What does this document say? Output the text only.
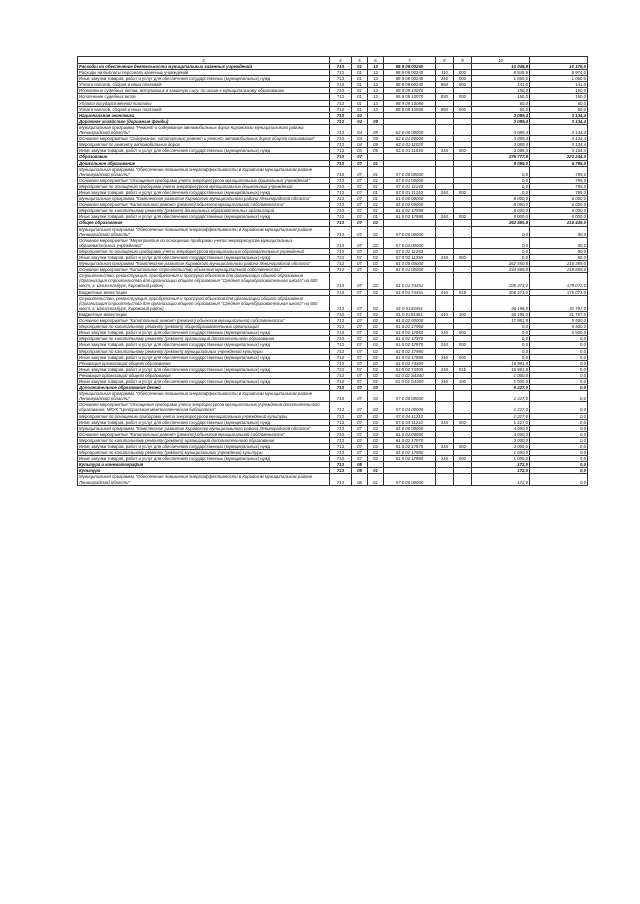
2	4	5	6	7	8	9	10	
Расходы на обеспечение деятельности муниципальных казенных учреждений	713	01	13	98 9 09 00240			10 048,8	10 175,0
Расходы на выплаты персоналу казенных учреждений	713	01	13	98 9 09 00240	110	000	8 845,9	8 974,0
Иные закупки товаров, работ и услуг для обеспечения государственных (муниципальных) нужд	713	01	13	98 9 09 00240	240	000	1 060,0	1 060,0
Уплата налогов, сборов и иных платежей	713	01	13	98 9 09 00240	850	000	141,0	141,0
Исполнение судебных актов, вступивших в законную силу, по искам к муниципальному образованию	713	01	13	98 9 09 10070			150,0	150,0
Исполнение судебных актов	713	01	13	98 9 09 10070	830	000	150,0	150,0
Уплата государственной пошлины	713	01	13	98 9 09 10080			60,0	60,0
Уплата налогов, сборов и иных платежей	713	01	13	98 9 09 10080	850	000	60,0	60,0
Национальная экономика	713	04					3 089,4	3 134,4
Дорожное хозяйство (дорожные фонды)	713	04	09				3 089,4	3 134,4
Муниципальная программа "Ремонт и содержание автомобильных дорог Кировского муниципального района Ленинградской области"	713	04	09	62 0 00 00000			3 089,4	3 134,4
Основное мероприятие "Содержание, капитальный ремонт и ремонт автомобильных дорог общего пользования"	713	04	09	62 0 01 00000			3 089,4	3 134,4
Мероприятия по ремонту автомобильных дорог	713	04	09	62 0 01 11020			3 089,4	3 134,4
Иные закупки товаров, работ и услуг для обеспечения государственных (муниципальных) нужд	713	04	09	62 0 01 11020	240	000	3 089,4	3 134,4
Образование	713	07					275 777,8	223 244,0
Дошкольное образование	713	07	01				8 099,0	6 795,0
Муниципальная программа "Обеспечение повышения энергоэффективности в Кировском муниципальном районе Ленинградской области"	713	07	01	57 0 00 00000			0,0	795,0
Основное мероприятие "Оснащение приборами учета энергоресурсов муниципальных дошкольных учреждений"	713	07	01	57 0 01 00000			0,0	795,0
Мероприятия по оснащению приборами учета энергоресурсов муниципальных дошкольных учреждений	713	07	01	57 0 01 11240			0,0	795,0
Иные закупки товаров, работ и услуг для обеспечения государственных (муниципальных) нужд	713	07	01	57 0 01 11240	240	000	0,0	795,0
Муниципальная программа "Комплексное развитие Кировского муниципального района Ленинградской области"	713	07	01	61 0 00 00000			8 000,0	6 000,0
Основное мероприятие "Капитальный ремонт (ремонт) объектов муниципальной собственности"	713	07	01	61 0 02 00000			8 000,0	6 000,0
Мероприятия по капитальному ремонту (ремонт) дошкольных образовательных организаций	713	07	01	61 0 02 17990			8 000,0	6 000,0
Иные закупки товаров, работ и услуг для обеспечения государственных (муниципальных) нужд	713	07	01	61 0 02 17990	240	000	8 000,0	6 000,0
Общее образование	713	07	02				262 550,8	216 449,0
Муниципальная программа "Обеспечение повышения энергоэффективности в Кировском муниципальном районе Ленинградской области"	713	07	02	57 0 00 00000			0,0	90,0
Основное мероприятие "Мероприятия по оснащению приборами учета энергоресурсов муниципальных образовательных учреждений"	713	07	02	57 0 02 00000			0,0	90,0
Мероприятия по оснащению приборами учета энергоресурсов муниципальных образовательных учреждений	713	07	02	57 0 02 11250			0,0	90,0
Иные закупки товаров, работ и услуг для обеспечения государственных (муниципальных) нужд	713	07	02	57 0 02 11250	240	000	0,0	90,0
Муниципальная программа "Комплексное развитие Кировского муниципального района Ленинградской области"	713	07	02	61 0 00 00000			262 550,8	216 359,0
Основное мероприятие "Капитальное строительство объектов муниципальной собственности"	713	07	02	61 0 01 00000			244 569,0	210 859,0
Строительство, реконструкция, приобретение и пристрой объектов для организации общего образования (Организация строительства для организации общего образования "Средняя общеобразовательная школа" на 600 мест, г. Шлиссельбург, Кировский район)	713	07	02	61 0 01 74451			208 373,0	179 072,0
Бюджетные инвестиции	713	07	02	61 0 01 74451	410	018	208 373,0	179 072,0
Строительство, реконструкция, приобретение и пристрой объектов для организации общего образования (Организация строительства для организации общего образования "Средняя общеобразовательная школа" на 600 мест, г. Шлиссельбург, Кировский район)	713	07	02	61 0 01S4451			36 196,0	31 787,0
Бюджетные инвестиции	713	07	02	61 0 01S4451	410	100	36 196,0	31 787,0
Основное мероприятие "Капитальный ремонт (ремонт) объектов муниципальной собственности"	713	07	02	61 0 02 00000			17 981,8	5 500,0
Мероприятия по капитальному ремонту (ремонт) общеобразовательных организаций	713	07	02	61 0 02 17960			0,0	5 500,0
Иные закупки товаров, работ и услуг для обеспечения государственных (муниципальных) нужд	713	07	02	61 0 02 17960	240	000	0,0	5 500,0
Мероприятия по капитальному ремонту (ремонт) организаций дополнительного образования	713	07	02	61 0 02 17970			0,0	0,0
Иные закупки товаров, работ и услуг для обеспечения государственных (муниципальных) нужд	713	07	02	61 0 02 17970	240	000	0,0	0,0
Мероприятия по капитальному ремонту (ремонт) муниципальных учреждений культуры	713	07	02	61 0 02 17980			0,0	0,0
Иные закупки товаров, работ и услуг для обеспечения государственных (муниципальных) нужд	713	07	02	61 0 02 17980	240	000	0,0	0,0
Реновация организаций общего образования	713	07	02	61 0 02 74300			16 981,8	0,0
Иные закупки товаров, работ и услуг для обеспечения государственных (муниципальных) нужд	713	07	02	61 0 02 74300	240	015	16 981,8	0,0
Реновация организаций общего образования	713	07	02	61 0 02 S4300			1 000,0	0,0
Иные закупки товаров, работ и услуг для обеспечения государственных (муниципальных) нужд	713	07	02	61 0 02 S4300	240	100	1 000,0	0,0
Дополнительное образование детей	713	07	03				5 227,0	0,0
Муниципальная программа "Обеспечение повышения энергоэффективности в Кировском муниципальном районе Ленинградской области"	713	07	03	57 0 00 00000			1 227,0	0,0
Основное мероприятие "Оснащение приборами учета энергоресурсов муниципальных учреждений дополнительного образования, МКУК "Центральная межпоселенческая библиотека"	713	07	03	57 0 04 00000			1 227,0	0,0
Мероприятия по оснащению приборами учета энергоресурсов муниципальных учреждений культуры	713	07	03	57 0 04 11210			1 227,0	0,0
Иные закупки товаров, работ и услуг для обеспечения государственных (муниципальных) нужд	713	07	03	57 0 04 11210	240	000	1 227,0	0,0
Муниципальная программа "Комплексное развитие Кировского муниципального района Ленинградской области"	713	07	03	61 0 00 00000			4 000,0	0,0
Основное мероприятие "Капитальный ремонт (ремонт) объектов муниципальной собственности"	713	07	03	61 0 02 00000			4 000,0	0,0
Мероприятия по капитальному ремонту (ремонт) организаций дополнительного образования	713	07	03	61 0 02 17970			3 000,0	0,0
Иные закупки товаров, работ и услуг для обеспечения государственных (муниципальных) нужд	713	07	03	61 0 02 17970	240	000	3 000,0	0,0
Мероприятия по капитальному ремонту (ремонт) муниципальных учреждений культуры	713	07	03	61 0 02 17980			1 000,0	0,0
Иные закупки товаров, работ и услуг для обеспечения государственных (муниципальных) нужд	713	07	03	61 0 02 17980	240	000	1 000,0	0,0
Культура и кинематография	713	08					172,0	0,0
Культура	713	08	01				172,0	0,0
Муниципальная программа "Обеспечение повышения энергоэффективности в Кировском муниципальном районе Ленинградской области"	713	08	01	57 0 00 00000			172,0	0,0
